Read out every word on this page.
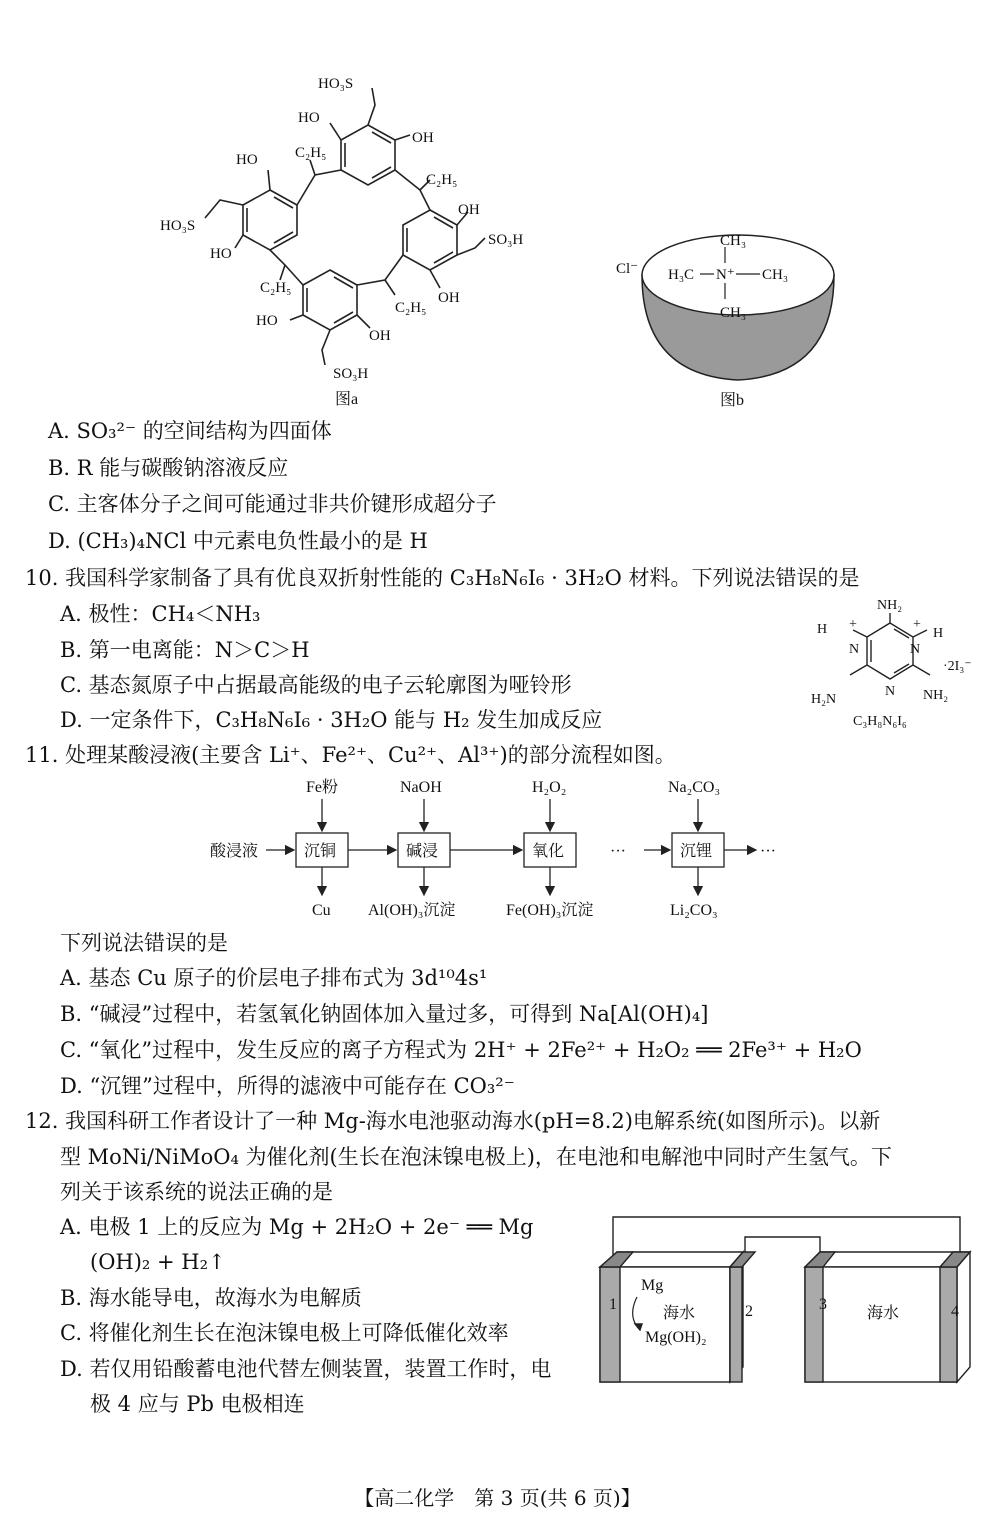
HO₃S
HO
OH
C₂H₅
C₂H₅
HO
HO₃S
HO
OH
SO₃H
C₂H₅
C₂H₅
OH
HO
OH
SO₃H
图a
Cl⁻
CH₃
H₃C N⁺ CH₃
CH₃
图b
A. SO₃²⁻ 的空间结构为四面体
B. R 能与碳酸钠溶液反应
C. 主客体分子之间可能通过非共价键形成超分子
D. (CH₃)₄NCl 中元素电负性最小的是 H
10. 我国科学家制备了具有优良双折射性能的 C₃H₈N₆I₆ · 3H₂O 材料。下列说法错误的是
A. 极性：CH₄＜NH₃
B. 第一电离能：N＞C＞H
C. 基态氮原子中占据最高能级的电子云轮廓图为哑铃形
D. 一定条件下，C₃H₈N₆I₆ · 3H₂O 能与 H₂ 发生加成反应
NH₂
H	H
+	+
N	N
N
·2I₃⁻
H₂N	NH₂
C₃H₈N₆I₆
11. 处理某酸浸液(主要含 Li⁺、Fe²⁺、Cu²⁺、Al³⁺)的部分流程如图。
酸浸液	沉铜	碱浸	氧化	沉锂
Fe粉	NaOH	H₂O₂	Na₂CO₃
Cu Al(OH)₃沉淀	Fe(OH)₃沉淀	Li₂CO₃
···	···
下列说法错误的是
A. 基态 Cu 原子的价层电子排布式为 3d¹⁰4s¹
B. “碱浸”过程中，若氢氧化钠固体加入量过多，可得到 Na[Al(OH)₄]
C. “氧化”过程中，发生反应的离子方程式为 2H⁺ + 2Fe²⁺ + H₂O₂ ══ 2Fe³⁺ + H₂O
D. “沉锂”过程中，所得的滤液中可能存在 CO₃²⁻
12. 我国科研工作者设计了一种 Mg-海水电池驱动海水(pH=8.2)电解系统(如图所示)。以新
型 MoNi/NiMoO₄ 为催化剂(生长在泡沫镍电极上)，在电池和电解池中同时产生氢气。下
列关于该系统的说法正确的是
A. 电极 1 上的反应为 Mg + 2H₂O + 2e⁻ ══ Mg
(OH)₂ + H₂↑
B. 海水能导电，故海水为电解质
C. 将催化剂生长在泡沫镍电极上可降低催化效率
D. 若仅用铅酸蓄电池代替左侧装置，装置工作时，电
极 4 应与 Pb 电极相连
1	2	3	4
Mg
海水
Mg(OH)₂
海水
【高二化学　第 3 页(共 6 页)】
